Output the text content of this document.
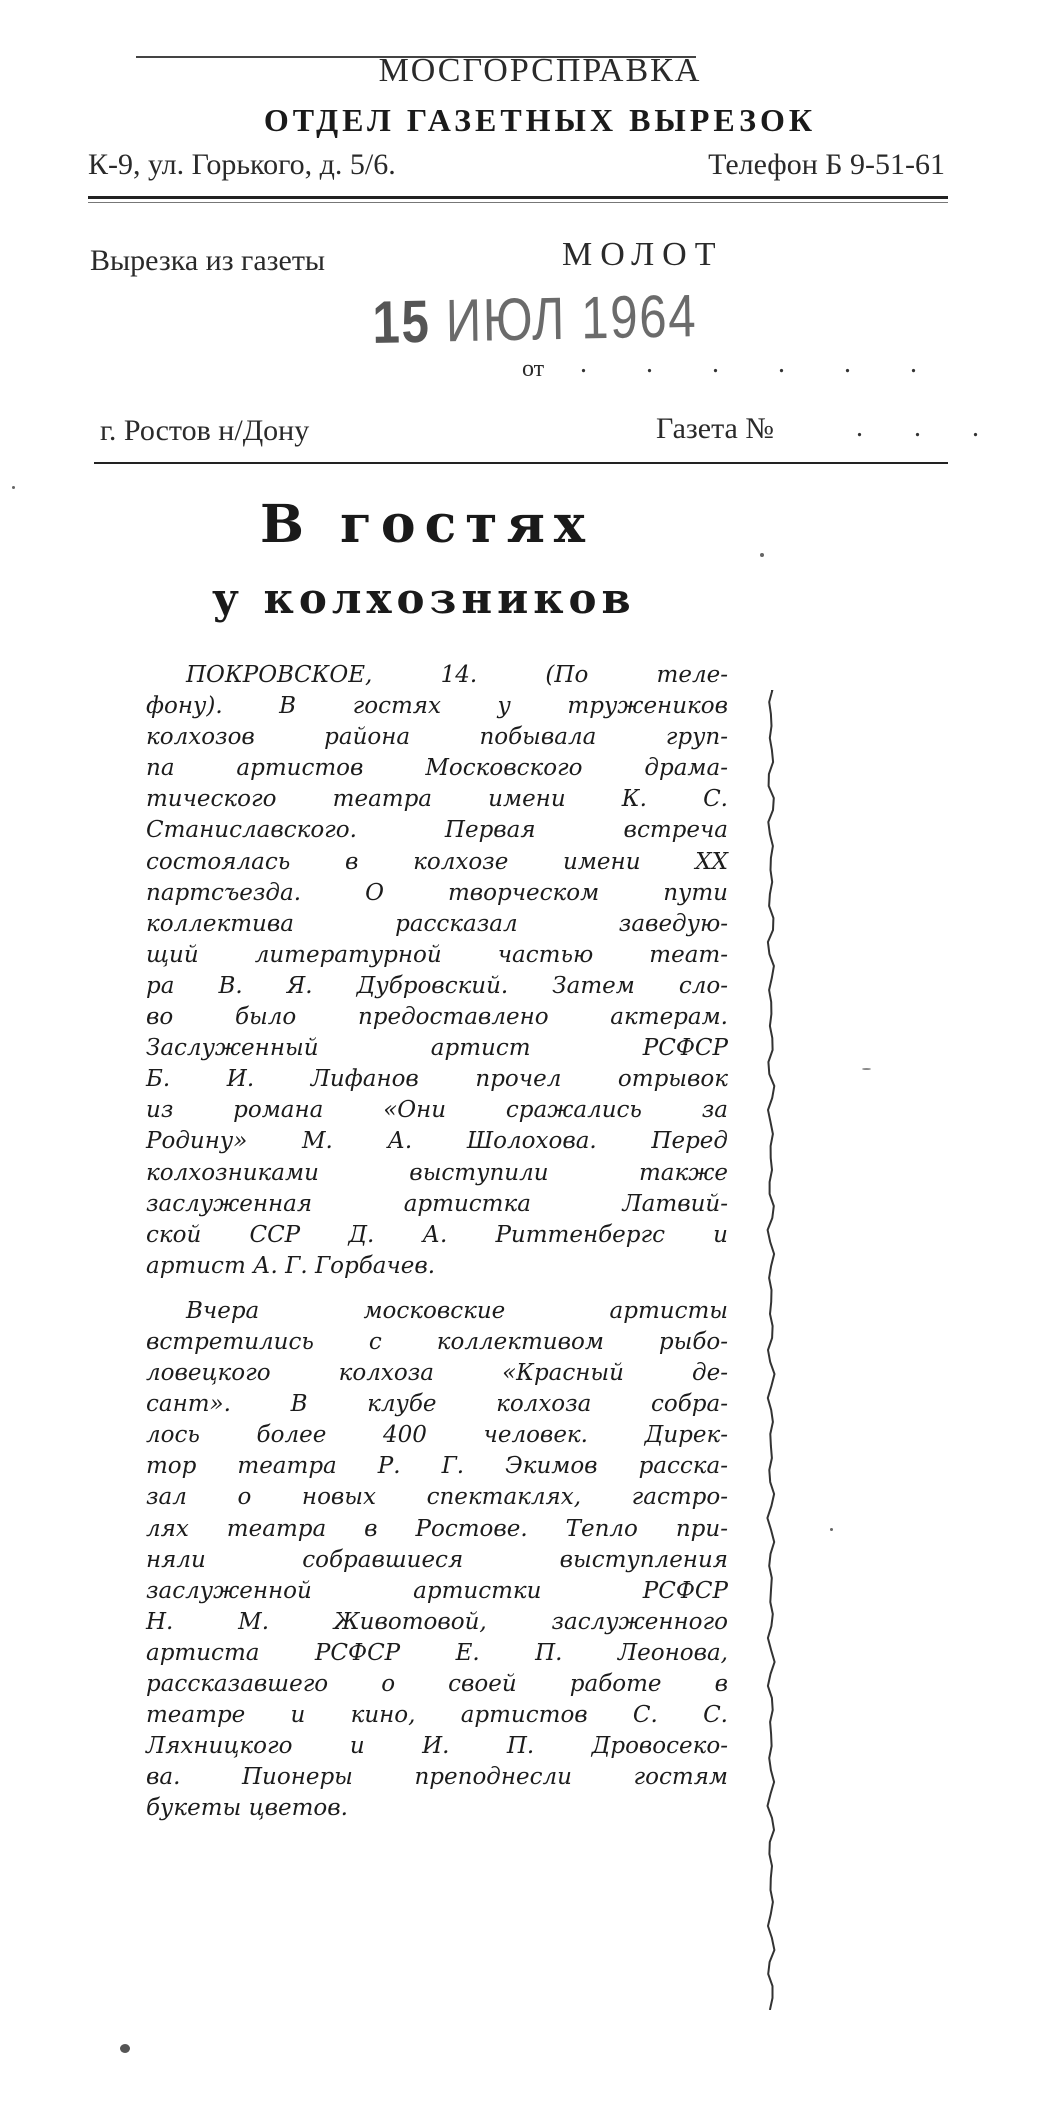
МОСГОРСПРАВКА
ОТДЕЛ ГАЗЕТНЫХ ВЫРЕЗОК
К-9, ул. Горького, д. 5/6.	Телефон Б 9-51-61
Вырезка из газеты	МОЛОТ
15 ИЮЛ 1964
от . . . . . .
г. Ростов н/Дону	Газета №	. . .
В гостях
у колхозников
ПОКРОВСКОЕ, 14. (По теле-
фону). В гостях у тружеников
колхозов района побывала груп-
па артистов Московского драма-
тического театра имени К. С.
Станиславского. Первая встреча
состоялась в колхозе имени XX
партсъезда. О творческом пути
коллектива рассказал заведую-
щий литературной частью теат-
ра В. Я. Дубровский. Затем сло-
во было предоставлено актерам.
Заслуженный артист РСФСР
Б. И. Лифанов прочел отрывок
из романа «Они сражались за
Родину» М. А. Шолохова. Перед
колхозниками выступили также
заслуженная артистка Латвий-
ской ССР Д. А. Риттенбергс и
артист А. Г. Горбачев.
Вчера московские артисты
встретились с коллективом рыбо-
ловецкого колхоза «Красный де-
сант». В клубе колхоза собра-
лось более 400 человек. Дирек-
тор театра Р. Г. Экимов расска-
зал о новых спектаклях, гастро-
лях театра в Ростове. Тепло при-
няли собравшиеся выступления
заслуженной артистки РСФСР
Н. М. Животовой, заслуженного
артиста РСФСР Е. П. Леонова,
рассказавшего о своей работе в
театре и кино, артистов С. С.
Ляхницкого и И. П. Дровосеко-
ва. Пионеры преподнесли гостям
букеты цветов.
